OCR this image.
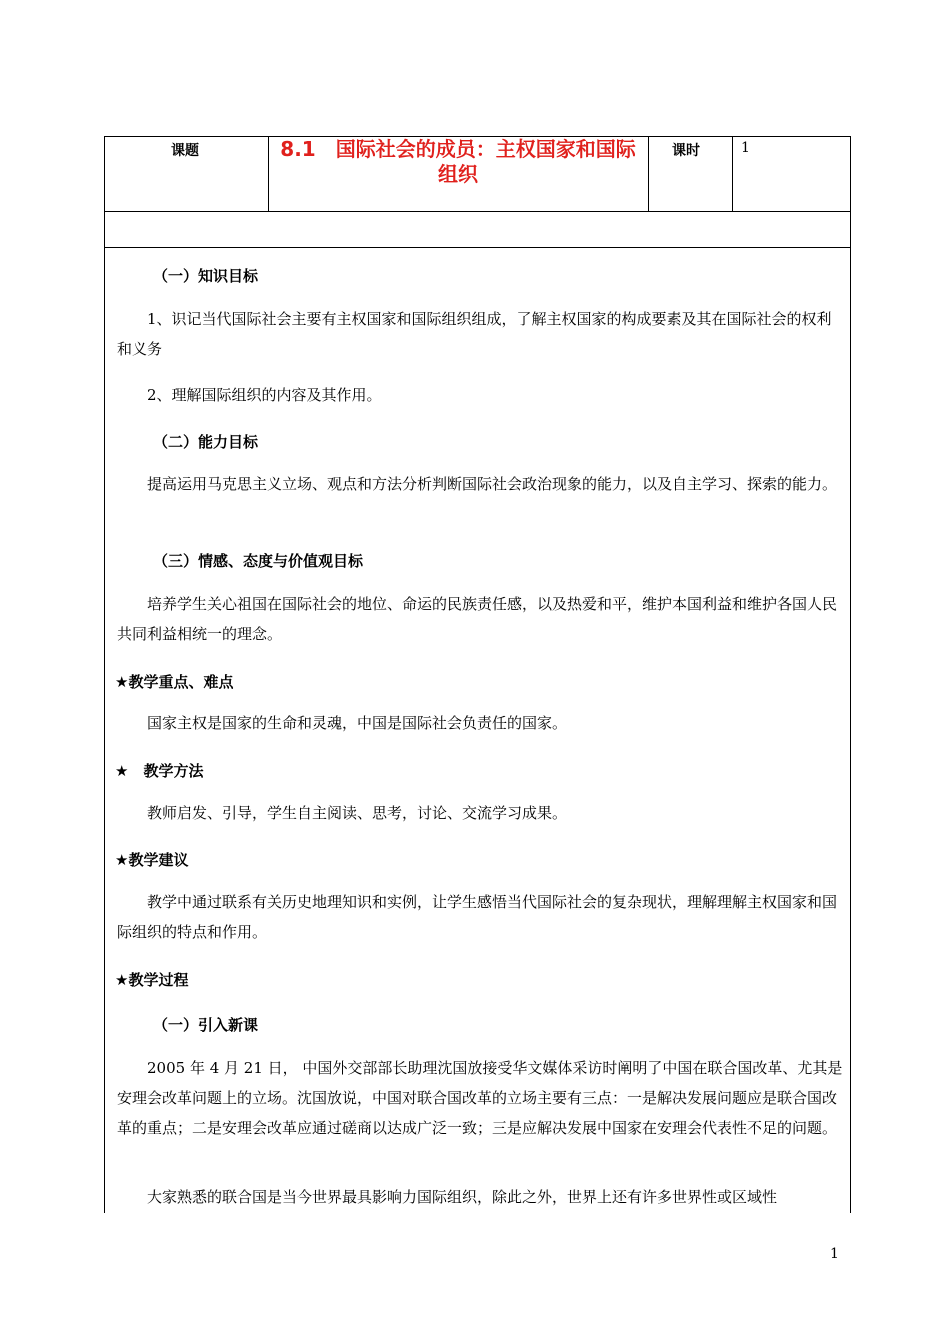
课题	8.1　国际社会的成员：主权国家和国际组织
课时	1
（一）知识目标
1、识记当代国际社会主要有主权国家和国际组织组成，了解主权国家的构成要素及其在国际社会的权利和义务
2、理解国际组织的内容及其作用。
（二）能力目标
提高运用马克思主义立场、观点和方法分析判断国际社会政治现象的能力，以及自主学习、探索的能力。
（三）情感、态度与价值观目标
培养学生关心祖国在国际社会的地位、命运的民族责任感，以及热爱和平，维护本国利益和维护各国人民共同利益相统一的理念。
★教学重点、难点
国家主权是国家的生命和灵魂，中国是国际社会负责任的国家。
★　教学方法
教师启发、引导，学生自主阅读、思考，讨论、交流学习成果。
★教学建议
教学中通过联系有关历史地理知识和实例，让学生感悟当代国际社会的复杂现状，理解理解主权国家和国际组织的特点和作用。
★教学过程
（一）引入新课
2005 年 4 月 21 日， 中国外交部部长助理沈国放接受华文媒体采访时阐明了中国在联合国改革、尤其是安理会改革问题上的立场。沈国放说，中国对联合国改革的立场主要有三点：一是解决发展问题应是联合国改革的重点；二是安理会改革应通过磋商以达成广泛一致；三是应解决发展中国家在安理会代表性不足的问题。
大家熟悉的联合国是当今世界最具影响力国际组织，除此之外，世界上还有许多世界性或区域性
1
